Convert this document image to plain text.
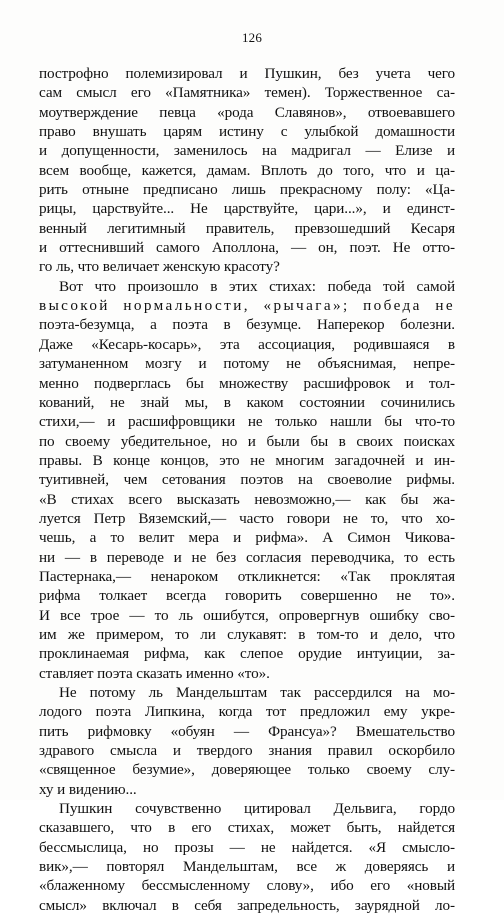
126
построфно полемизировал и Пушкин, без учета чего
сам смысл его «Памятника» темен). Торжественное са-
моутверждение певца «рода Славянов», отвоевавшего
право внушать царям истину с улыбкой домашности
и допущенности, заменилось на мадригал — Елизе и
всем вообще, кажется, дамам. Вплоть до того, что и ца-
рить отныне предписано лишь прекрасному полу: «Ца-
рицы, царствуйте... Не царствуйте, цари...», и единст-
венный легитимный правитель, превзошедший Кесаря
и оттеснивший самого Аполлона, — он, поэт. Не отто-
го ль, что величает женскую красоту?
Вот что произошло в этих стихах: победа той самой
высокой нормальности, «рычага»; победа не
поэта-безумца, а поэта в безумце. Наперекор болезни.
Даже «Кесарь-косарь», эта ассоциация, родившаяся в
затуманенном мозгу и потому не объяснимая, непре-
менно подверглась бы множеству расшифровок и тол-
кований, не знай мы, в каком состоянии сочинились
стихи,— и расшифровщики не только нашли бы что-то
по своему убедительное, но и были бы в своих поисках
правы. В конце концов, это не многим загадочней и ин-
туитивней, чем сетования поэтов на своеволие рифмы.
«В стихах всего высказать невозможно,— как бы жа-
луется Петр Вяземский,— часто говори не то, что хо-
чешь, а то велит мера и рифма». А Симон Чикова-
ни — в переводе и не без согласия переводчика, то есть
Пастернака,— ненароком откликнется: «Так проклятая
рифма толкает всегда говорить совершенно не то».
И все трое — то ль ошибутся, опровергнув ошибку сво-
им же примером, то ли слукавят: в том-то и дело, что
проклинаемая рифма, как слепое орудие интуиции, за-
ставляет поэта сказать именно «то».
Не потому ль Мандельштам так рассердился на мо-
лодого поэта Липкина, когда тот предложил ему укре-
пить рифмовку «обуян — Франсуа»? Вмешательство
здравого смысла и твердого знания правил оскорбило
«священное безумие», доверяющее только своему слу-
ху и видению...
Пушкин сочувственно цитировал Дельвига, гордо
сказавшего, что в его стихах, может быть, найдется
бессмыслица, но прозы — не найдется. «Я смысло-
вик»,— повторял Мандельштам, все ж доверяясь и
«блаженному бессмысленному слову», ибо его «новый
смысл» включал в себя запредельность, заурядной ло-
